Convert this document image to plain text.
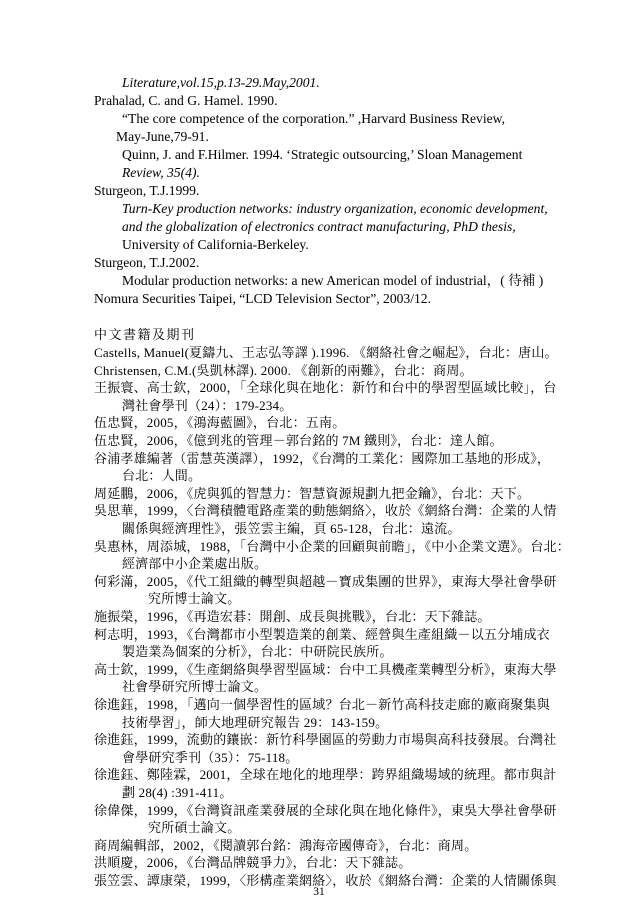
Literature,vol.15,p.13-29.May,2001.
Prahalad, C. and G. Hamel. 1990.
“The core competence of the corporation.” ,Harvard Business Review,
May-June,79-91.
Quinn, J. and F.Hilmer. 1994. ‘Strategic outsourcing,’ Sloan Management
Review, 35(4).
Sturgeon, T.J.1999.
Turn-Key production networks: industry organization, economic development,
and the globalization of electronics contract manufacturing, PhD thesis,
University of California-Berkeley.
Sturgeon, T.J.2002.
Modular production networks: a new American model of industrial，( 待補 )
Nomura Securities Taipei, “LCD Television Sector”, 2003/12.
中文書籍及期刊
Castells, Manuel(夏鑄九、王志弘等譯 ).1996. 《網絡社會之崛起》，台北：唐山。
Christensen, C.M.(吳凱林譯). 2000. 《創新的兩難》，台北：商周。
王振寰、高士欽，2000，「全球化與在地化：新竹和台中的學習型區域比較」，台
灣社會學刊（24）：179-234。
伍忠賢，2005，《鴻海藍圖》，台北：五南。
伍忠賢，2006，《億到兆的管理－郭台銘的 7M 鐵則》，台北：達人館。
谷浦孝雄編著（雷慧英漢譯），1992，《台灣的工業化：國際加工基地的形成》，
台北：人間。
周延鵬，2006，《虎與狐的智慧力：智慧資源規劃九把金鑰》，台北：天下。
吳思華，1999，〈台灣積體電路產業的動態網絡〉，收於《網絡台灣：企業的人情
關係與經濟理性》，張笠雲主編，頁 65-128，台北：遠流。
吳惠林，周添城，1988，「台灣中小企業的回顧與前瞻」，《中小企業文選》。台北：
經濟部中小企業處出版。
何彩滿，2005，《代工組織的轉型與超越－寶成集團的世界》，東海大學社會學研
究所博士論文。
施振榮，1996，《再造宏碁：開創、成長與挑戰》，台北：天下雜誌。
柯志明，1993，《台灣都市小型製造業的創業、經營與生產組織－以五分埔成衣
製造業為個案的分析》，台北：中研院民族所。
高士欽，1999，《生產網絡與學習型區域：台中工具機產業轉型分析》，東海大學
社會學研究所博士論文。
徐進鈺，1998，「邁向一個學習性的區域？台北－新竹高科技走廊的廠商聚集與
技術學習」，師大地理研究報告 29：143-159。
徐進鈺，1999，流動的鑲嵌：新竹科學園區的勞動力市場與高科技發展。台灣社
會學研究季刊（35）：75-118。
徐進鈺、鄭陸霖，2001，全球在地化的地理學：跨界組織場域的統理。都市與計
劃 28(4) :391-411。
31
徐偉傑，1999，《台灣資訊產業發展的全球化與在地化條件》，東吳大學社會學研
究所碩士論文。
商周編輯部，2002，《閱讀郭台銘：鴻海帝國傳奇》，台北：商周。
洪順慶，2006，《台灣品牌競爭力》，台北：天下雜誌。
張笠雲、譚康榮，1999，〈形構產業網絡〉，收於《網絡台灣：企業的人情關係與
